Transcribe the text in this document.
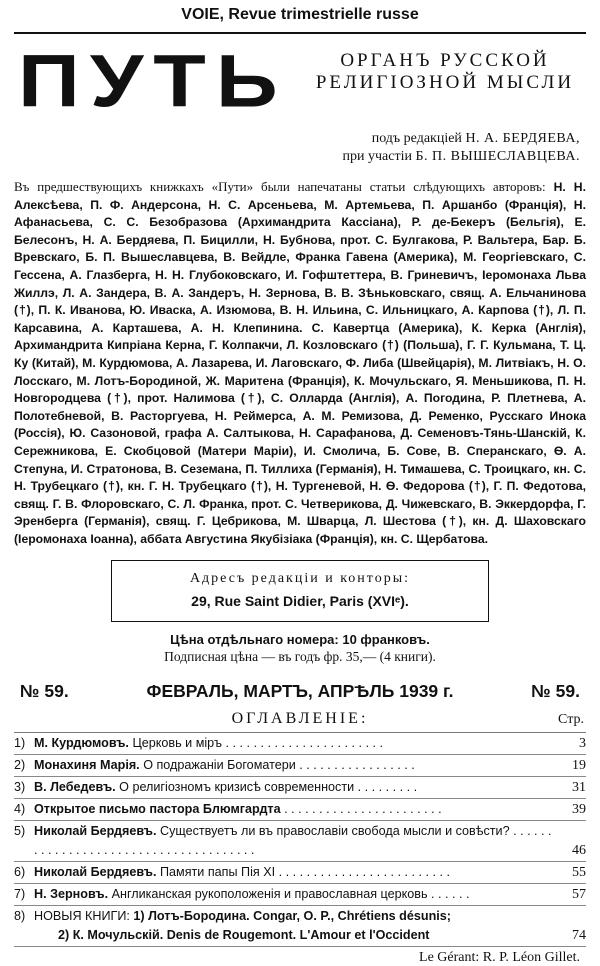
VOIE, Revue trimestrielle russe
ПУТЬ	ОРГАНЪ РУССКОЙ
РЕЛИГІОЗНОЙ МЫСЛИ
подъ редакціей Н. А. БЕРДЯЕВА,
при участіи Б. П. ВЫШЕСЛАВЦЕВА.
Въ предшествующихъ книжкахъ «Пути» были напечатаны статьи слѣдующихъ авторовъ: Н. Н. Алексѣева, П. Ф. Андерсона, Н. С. Арсеньева, М. Артемьева, П. Аршанбо (Франція), Н. Афанасьева, С. С. Безобразова (Архимандрита Кассіана), Р. де-Бекеръ (Бельгія), Е. Белесонъ, Н. А. Бердяева, П. Бицилли, Н. Бубнова, прот. С. Булгакова, Р. Вальтера, Бар. Б. Вревскаго, Б. П. Вышеславцева, В. Вейдле, Франка Гавена (Америка), М. Георгіевскаго, С. Гессена, А. Глазберга, Н. Н. Глубоковскаго, И. Гофштеттера, В. Гриневичъ, Іеромонаха Льва Жиллэ, Л. А. Зандера, В. А. Зандеръ, Н. Зернова, В. В. Зѣньковскаго, свящ. А. Ельчанинова (†), П. К. Иванова, Ю. Иваска, А. Изюмова, В. Н. Ильина, С. Ильницкаго, А. Карпова (†), Л. П. Карсавина, А. Карташева, А. Н. Клепинина. С. Кавертца (Америка), К. Керка (Англія), Архимандрита Кипріана Керна, Г. Колпакчи, Л. Козловскаго (†) (Польша), Г. Г. Кульмана, Т. Ц. Ку (Китай), М. Курдюмова, А. Лазарева, И. Лаговскаго, Ф. Либа (Швейцарія), М. Литвіакъ, Н. О. Лосскаго, М. Лотъ-Бородиной, Ж. Маритена (Франція), К. Мочульскаго, Я. Меньшикова, П. Н. Новгородцева (†), прот. Налимова (†), С. Олларда (Англія), А. Погодина, Р. Плетнева, А. Полотебневой, В. Расторгуева, Н. Реймерса, А. М. Ремизова, Д. Ременко, Русскаго Инока (Россія), Ю. Сазоновой, графа А. Салтыкова, Н. Сарафанова, Д. Семеновъ-Тянь-Шанскій, К. Сережникова, Е. Скобцовой (Матери Маріи), И. Смолича, Б. Сове, В. Сперанскаго, Ѳ. А. Степуна, И. Стратонова, В. Сеземана, П. Тиллиха (Германія), Н. Тимашева, С. Троицкаго, кн. С. Н. Трубецкаго (†), кн. Г. Н. Трубецкаго (†), Н. Тургеневой, Н. Ѳ. Федорова (†), Г. П. Федотова, свящ. Г. В. Флоровскаго, С. Л. Франка, прот. С. Четверикова, Д. Чижевскаго, В. Эккердорфа, Г. Эренберга (Германія), свящ. Г. Цебрикова, М. Шварца, Л. Шестова (†), кн. Д. Шаховскаго (Іеромонаха Іоанна), аббата Августина Якубізіака (Франція), кн. С. Щербатова.
Адресъ редакціи и конторы:
29, Rue Saint Didier, Paris (XVIᵉ).
Цѣна отдѣльнаго номера: 10 франковъ.
Подписная цѣна — въ годъ фр. 35,— (4 книги).
№ 59.	ФЕВРАЛЬ, МАРТЪ, АПРѢЛЬ 1939 г.	№ 59.
ОГЛАВЛЕНІЕ:	Стр.
1) М. Курдюмовъ. Церковь и міръ . . . . . . . . . . . . . . . . . . . . . . .	3
2) Монахиня Марія. О подражаніи Богоматери . . . . . . . . . . . . . . . . .	19
3) В. Лебедевъ. О религіозномъ кризисѣ современности . . . . . . . . .	31
4) Открытое письмо пастора Блюмгардта . . . . . . . . . . . . . . . . . . . . . . .	39
5) Николай Бердяевъ. Существуетъ ли въ православіи свобода мысли и совѣсти? . . . . . . . . . . . . . . . . . . . . . . . . . . . . . . . . . . . . . .	46
6) Николай Бердяевъ. Памяти папы Пія XI . . . . . . . . . . . . . . . . . . . . . . . . .	55
7) Н. Зерновъ. Англиканская рукоположенія и православная церковь . . . . . .	57
8) НОВЫЯ КНИГИ: 1) Лотъ-Бородина. Congar, O. P., Chrétiens désunis;
2) К. Мочульскій. Denis de Rougemont. L'Amour et l'Occident	74
Le Gérant: R. P. Léon Gillet.
